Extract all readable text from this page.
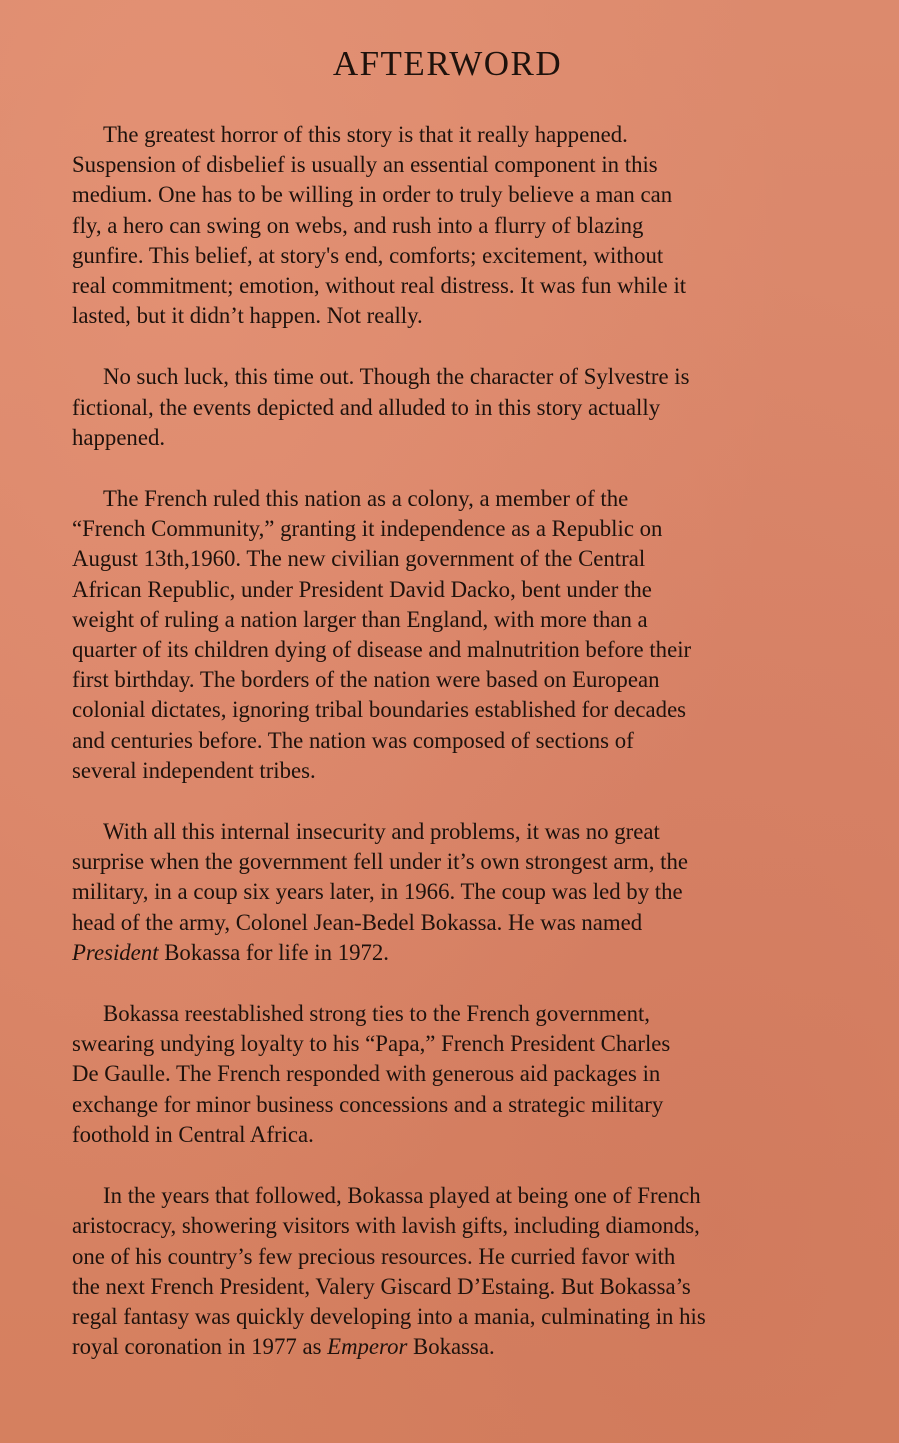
AFTERWORD
The greatest horror of this story is that it really happened.
Suspension of disbelief is usually an essential component in this
medium. One has to be willing in order to truly believe a man can
fly, a hero can swing on webs, and rush into a flurry of blazing
gunfire. This belief, at story's end, comforts; excitement, without
real commitment; emotion, without real distress. It was fun while it
lasted, but it didn’t happen. Not really.
No such luck, this time out. Though the character of Sylvestre is
fictional, the events depicted and alluded to in this story actually
happened.
The French ruled this nation as a colony, a member of the
“French Community,” granting it independence as a Republic on
August 13th,1960. The new civilian government of the Central
African Republic, under President David Dacko, bent under the
weight of ruling a nation larger than England, with more than a
quarter of its children dying of disease and malnutrition before their
first birthday. The borders of the nation were based on European
colonial dictates, ignoring tribal boundaries established for decades
and centuries before. The nation was composed of sections of
several independent tribes.
With all this internal insecurity and problems, it was no great
surprise when the government fell under it’s own strongest arm, the
military, in a coup six years later, in 1966. The coup was led by the
head of the army, Colonel Jean-Bedel Bokassa. He was named
President Bokassa for life in 1972.
Bokassa reestablished strong ties to the French government,
swearing undying loyalty to his “Papa,” French President Charles
De Gaulle. The French responded with generous aid packages in
exchange for minor business concessions and a strategic military
foothold in Central Africa.
In the years that followed, Bokassa played at being one of French
aristocracy, showering visitors with lavish gifts, including diamonds,
one of his country’s few precious resources. He curried favor with
the next French President, Valery Giscard D’Estaing. But Bokassa’s
regal fantasy was quickly developing into a mania, culminating in his
royal coronation in 1977 as Emperor Bokassa.
